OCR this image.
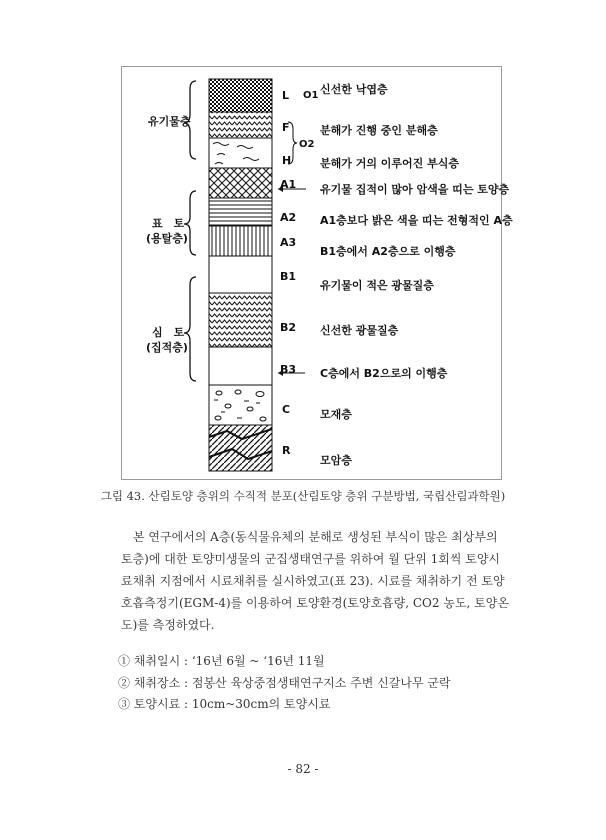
유기물층
표　토
(용탈층)
심　토
(집적층)
L O1
F
O2
H
A1
A2
A3
B1
B2
B3
C
R
신선한 낙엽층
분해가 진행 중인 분해층
분해가 거의 이루어진 부식층
유기물 집적이 많아 암색을 띠는 토양층
A1층보다 밝은 색을 띠는 전형적인 A층
B1층에서 A2층으로 이행층
유기물이 적은 광물질층
신선한 광물질층
C층에서 B2으로의 이행층
모재층
모암층
그림 43. 산림토양 층위의 수직적 분포(산림토양 층위 구분방법, 국립산림과학원)
본 연구에서의 A층(동식물유체의 분해로 생성된 부식이 많은 최상부의
토층)에 대한 토양미생물의 군집생태연구를 위하여 월 단위 1회씩 토양시
료채취 지점에서 시료채취를 실시하였고(표 23). 시료를 채취하기 전 토양
호흡측정기(EGM-4)를 이용하여 토양환경(토양호흡량, CO2 농도, 토양온
도)를 측정하였다.
① 채취일시 : ‘16년 6월 ~ ‘16년 11월
② 채취장소 : 점봉산 육상중점생태연구지소 주변 신갈나무 군락
③ 토양시료 : 10cm~30cm의 토양시료
- 82 -
